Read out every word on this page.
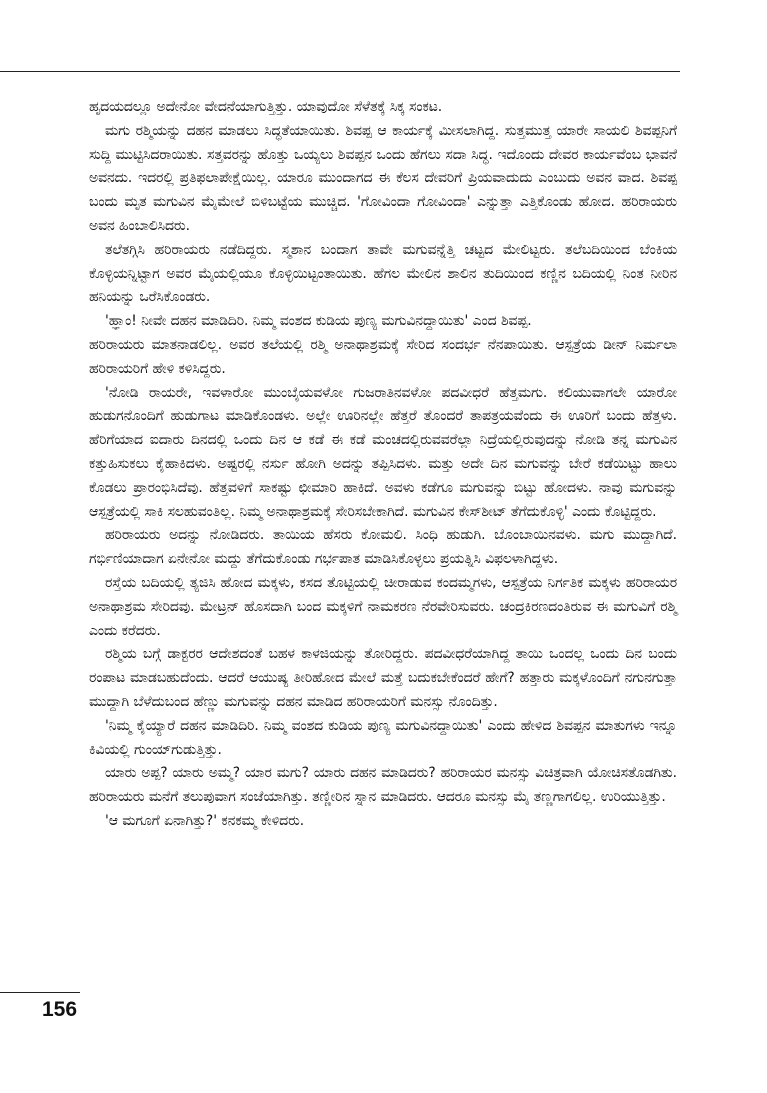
ಹೃದಯದಲ್ಲೂ ಅದೇನೋ ವೇದನೆಯಾಗುತ್ತಿತ್ತು. ಯಾವುದೋ ಸೆಳೆತಕ್ಕೆ ಸಿಕ್ಕ ಸಂಕಟ.

ಮಗು ರಶ್ಮಿಯನ್ನು ದಹನ ಮಾಡಲು ಸಿದ್ಧತೆಯಾಯಿತು. ಶಿವಪ್ಪ ಆ ಕಾರ್ಯಕ್ಕೆ ಮೀಸಲಾಗಿದ್ದ. ಸುತ್ತಮುತ್ತ ಯಾರೇ ಸಾಯಲಿ ಶಿವಪ್ಪನಿಗೆ ಸುದ್ದಿ ಮುಟ್ಟಿಸಿದರಾಯಿತು. ಸತ್ತವರನ್ನು ಹೊತ್ತು ಒಯ್ಯಲು ಶಿವಪ್ಪನ ಒಂದು ಹೆಗಲು ಸದಾ ಸಿದ್ಧ. ಇದೊಂದು ದೇವರ ಕಾರ್ಯವೆಂಬ ಭಾವನೆ ಅವನದು. ಇದರಲ್ಲಿ ಪ್ರತಿಫಲಾಪೇಕ್ಷೆಯಿಲ್ಲ. ಯಾರೂ ಮುಂದಾಗದ ಈ ಕೆಲಸ ದೇವರಿಗೆ ಪ್ರಿಯವಾದುದು ಎಂಬುದು ಅವನ ವಾದ. ಶಿವಪ್ಪ ಬಂದು ಮೃತ ಮಗುವಿನ ಮೈಮೇಲೆ ಬಿಳಿಬಟ್ಟೆಯ ಮುಚ್ಚಿದ. 'ಗೋವಿಂದಾ ಗೋವಿಂದಾ' ಎನ್ನುತ್ತಾ ಎತ್ತಿಕೊಂಡು ಹೋದ. ಹರಿರಾಯರು ಅವನ ಹಿಂಬಾಲಿಸಿದರು.

ತಲೆತಗ್ಗಿಸಿ ಹರಿರಾಯರು ನಡೆದಿದ್ದರು. ಸ್ಮಶಾನ ಬಂದಾಗ ತಾವೇ ಮಗುವನ್ನೆತ್ತಿ ಚಟ್ಟದ ಮೇಲಿಟ್ಟರು. ತಲೆಬದಿಯಿಂದ ಬೆಂಕಿಯ ಕೊಳ್ಳಿಯನ್ನಿಟ್ಟಾಗ ಅವರ ಮೈಯಲ್ಲಿಯೂ ಕೊಳ್ಳಿಯಿಟ್ಟಂತಾಯಿತು. ಹೆಗಲ ಮೇಲಿನ ಶಾಲಿನ ತುದಿಯಿಂದ ಕಣ್ಣಿನ ಬದಿಯಲ್ಲಿ ನಿಂತ ನೀರಿನ ಹನಿಯನ್ನು ಒರೆಸಿಕೊಂಡರು.

'ಹ್ಞಾಂ! ನೀವೇ ದಹನ ಮಾಡಿದಿರಿ. ನಿಮ್ಮ ವಂಶದ ಕುಡಿಯ ಪುಣ್ಯ ಮಗುವಿನದ್ದಾಯಿತು' ಎಂದ ಶಿವಪ್ಪ.

ಹರಿರಾಯರು ಮಾತನಾಡಲಿಲ್ಲ. ಅವರ ತಲೆಯಲ್ಲಿ ರಶ್ಮಿ ಅನಾಥಾಶ್ರಮಕ್ಕೆ ಸೇರಿದ ಸಂದರ್ಭ ನೆನಪಾಯಿತು. ಆಸ್ಪತ್ರೆಯ ಡೀನ್ ನಿರ್ಮಲಾ ಹರಿರಾಯರಿಗೆ ಹೇಳಿ ಕಳಿಸಿದ್ದರು.

'ನೋಡಿ ರಾಯರೇ, ಇವಳಾರೋ ಮುಂಬೈಯವಳೋ ಗುಜರಾತಿನವಳೋ ಪದವೀಧರೆ ಹೆತ್ತಮಗು. ಕಲಿಯುವಾಗಲೇ ಯಾರೋ ಹುಡುಗನೊಂದಿಗೆ ಹುಡುಗಾಟ ಮಾಡಿಕೊಂಡಳು. ಅಲ್ಲೇ ಊರಿನಲ್ಲೇ ಹೆತ್ತರೆ ತೊಂದರೆ ತಾಪತ್ರಯವೆಂದು ಈ ಊರಿಗೆ ಬಂದು ಹೆತ್ತಳು. ಹೆರಿಗೆಯಾದ ಐದಾರು ದಿನದಲ್ಲಿ ಒಂದು ದಿನ ಆ ಕಡೆ ಈ ಕಡೆ ಮಂಚದಲ್ಲಿರುವವರೆಲ್ಲಾ ನಿದ್ರೆಯಲ್ಲಿರುವುದನ್ನು ನೋಡಿ ತನ್ನ ಮಗುವಿನ ಕತ್ತುಹಿಸುಕಲು ಕೈಹಾಕಿದಳು. ಅಷ್ಟರಲ್ಲಿ ನರ್ಸು ಹೋಗಿ ಅದನ್ನು ತಪ್ಪಿಸಿದಳು. ಮತ್ತು ಅದೇ ದಿನ ಮಗುವನ್ನು ಬೇರೆ ಕಡೆಯಿಟ್ಟು ಹಾಲು ಕೊಡಲು ಪ್ರಾರಂಭಿಸಿದೆವು. ಹೆತ್ತವಳಿಗೆ ಸಾಕಷ್ಟು ಛೀಮಾರಿ ಹಾಕಿದೆ. ಅವಳು ಕಡೆಗೂ ಮಗುವನ್ನು ಬಿಟ್ಟು ಹೋದಳು. ನಾವು ಮಗುವನ್ನು ಆಸ್ಪತ್ರೆಯಲ್ಲಿ ಸಾಕಿ ಸಲಹುವಂತಿಲ್ಲ. ನಿಮ್ಮ ಅನಾಥಾಶ್ರಮಕ್ಕೆ ಸೇರಿಸಬೇಕಾಗಿದೆ. ಮಗುವಿನ ಕೇಸ್‌ಶೀಟ್ ತೆಗೆದುಕೊಳ್ಳಿ' ಎಂದು ಕೊಟ್ಟಿದ್ದರು.

ಹರಿರಾಯರು ಅದನ್ನು ನೋಡಿದರು. ತಾಯಿಯ ಹೆಸರು ಕೋಮಲಿ. ಸಿಂಧಿ ಹುಡುಗಿ. ಬೊಂಬಾಯಿನವಳು. ಮಗು ಮುದ್ದಾಗಿದೆ. ಗರ್ಭಿಣಿಯಾದಾಗ ಏನೇನೋ ಮದ್ದು ತೆಗೆದುಕೊಂಡು ಗರ್ಭಪಾತ ಮಾಡಿಸಿಕೊಳ್ಳಲು ಪ್ರಯತ್ನಿಸಿ ವಿಫಲಳಾಗಿದ್ದಳು.

ರಸ್ತೆಯ ಬದಿಯಲ್ಲಿ ತ್ಯಜಿಸಿ ಹೋದ ಮಕ್ಕಳು, ಕಸದ ತೊಟ್ಟಿಯಲ್ಲಿ ಚೀರಾಡುವ ಕಂದಮ್ಮಗಳು, ಆಸ್ಪತ್ರೆಯ ನಿರ್ಗತಿಕ ಮಕ್ಕಳು ಹರಿರಾಯರ ಅನಾಥಾಶ್ರಮ ಸೇರಿದವು. ಮೇಟ್ರನ್ ಹೊಸದಾಗಿ ಬಂದ ಮಕ್ಕಳಿಗೆ ನಾಮಕರಣ ನೆರವೇರಿಸುವರು. ಚಂದ್ರಕಿರಣದಂತಿರುವ ಈ ಮಗುವಿಗೆ ರಶ್ಮಿ ಎಂದು ಕರೆದರು.

ರಶ್ಮಿಯ ಬಗ್ಗೆ ಡಾಕ್ಟರರ ಆದೇಶದಂತೆ ಬಹಳ ಕಾಳಜಿಯನ್ನು ತೋರಿದ್ದರು. ಪದವೀಧರೆಯಾಗಿದ್ದ ತಾಯಿ ಒಂದಲ್ಲ ಒಂದು ದಿನ ಬಂದು ರಂಪಾಟ ಮಾಡಬಹುದೆಂದು. ಆದರೆ ಆಯುಷ್ಯ ತೀರಿಹೋದ ಮೇಲೆ ಮತ್ತೆ ಬದುಕಬೇಕೆಂದರೆ ಹೇಗೆ? ಹತ್ತಾರು ಮಕ್ಕಳೊಂದಿಗೆ ನಗುನಗುತ್ತಾ ಮುದ್ದಾಗಿ ಬೆಳೆದುಬಂದ ಹೆಣ್ಣು ಮಗುವನ್ನು ದಹನ ಮಾಡಿದ ಹರಿರಾಯರಿಗೆ ಮನಸ್ಸು ನೊಂದಿತ್ತು.

'ನಿಮ್ಮ ಕೈಯ್ಯಾರೆ ದಹನ ಮಾಡಿದಿರಿ. ನಿಮ್ಮ ವಂಶದ ಕುಡಿಯ ಪುಣ್ಯ ಮಗುವಿನದ್ದಾಯಿತು' ಎಂದು ಹೇಳಿದ ಶಿವಪ್ಪನ ಮಾತುಗಳು ಇನ್ನೂ ಕಿವಿಯಲ್ಲಿ ಗುಂಯ್‌ಗುಡುತ್ತಿತ್ತು.

ಯಾರು ಅಪ್ಪ? ಯಾರು ಅಮ್ಮ? ಯಾರ ಮಗು? ಯಾರು ದಹನ ಮಾಡಿದರು? ಹರಿರಾಯರ ಮನಸ್ಸು ವಿಚಿತ್ರವಾಗಿ ಯೋಚಿಸತೊಡಗಿತು. ಹರಿರಾಯರು ಮನೆಗೆ ತಲುಪುವಾಗ ಸಂಜೆಯಾಗಿತ್ತು. ತಣ್ಣೀರಿನ ಸ್ನಾನ ಮಾಡಿದರು. ಆದರೂ ಮನಸ್ಸು ಮೈ ತಣ್ಣಗಾಗಲಿಲ್ಲ. ಉರಿಯುತ್ತಿತ್ತು.

'ಆ ಮಗೂಗೆ ಏನಾಗಿತ್ತು?' ಕನಕಮ್ಮ ಕೇಳಿದರು.

156
